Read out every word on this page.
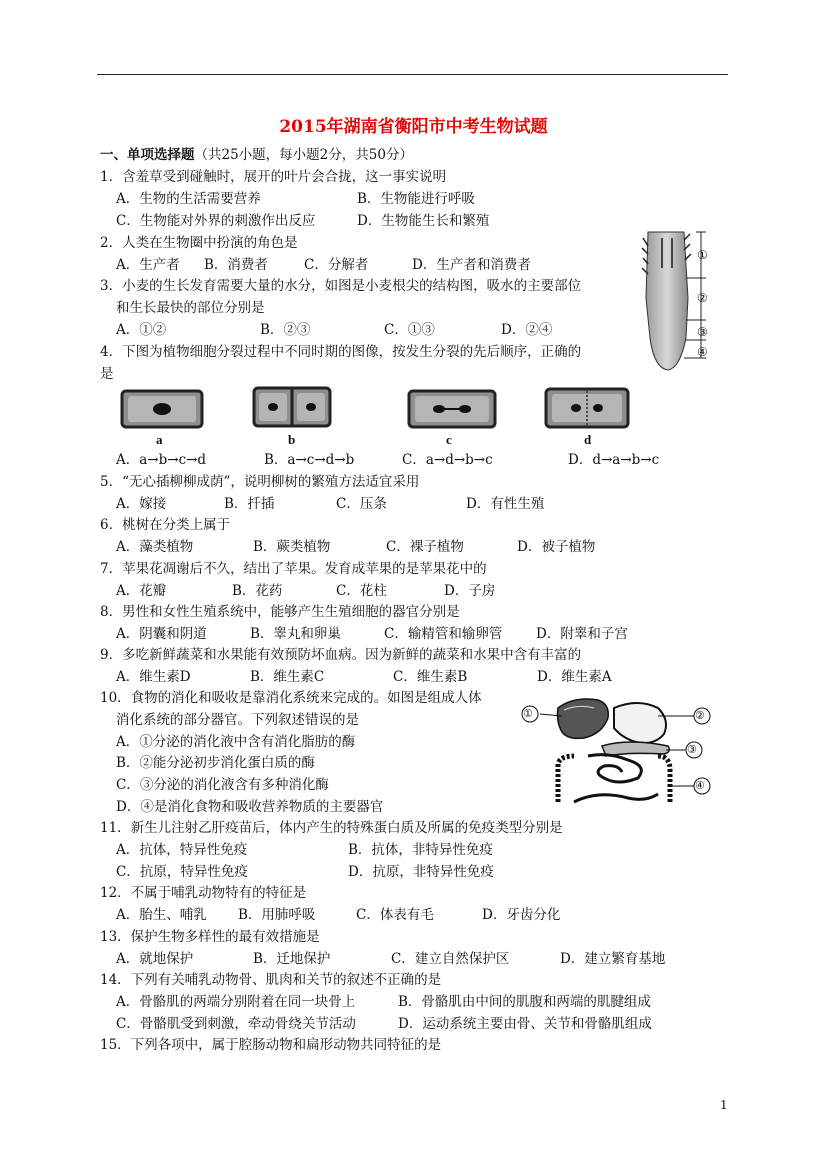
2015年湖南省衡阳市中考生物试题
一、单项选择题（共25小题，每小题2分，共50分）
1．含羞草受到碰触时，展开的叶片会合拢，这一事实说明
A．生物的生活需要营养	B．生物能进行呼吸
C．生物能对外界的刺激作出反应	D．生物能生长和繁殖
2．人类在生物圈中扮演的角色是
A．生产者 B．消费者	C．分解者	D．生产者和消费者
3．小麦的生长发育需要大量的水分，如图是小麦根尖的结构图，吸水的主要部位
和生长最快的部位分别是
A．①②	B．②③	C．①③	D．②④
①
②
③
④
4．下图为植物细胞分裂过程中不同时期的图像，按发生分裂的先后顺序，正确的
是
a	b	c	d
A．a→b→c→d	B．a→c→d→b	C．a→d→b→c	D．d→a→b→c
5．“无心插柳柳成荫”，说明柳树的繁殖方法适宜采用
A．嫁接	B．扦插	C．压条	D．有性生殖
6．桃树在分类上属于
A．藻类植物	B．蕨类植物	C．裸子植物	D．被子植物
7．苹果花凋谢后不久，结出了苹果。发育成苹果的是苹果花中的
A．花瓣	B．花药	C．花柱	D．子房
8．男性和女性生殖系统中，能够产生生殖细胞的器官分别是
A．阴囊和阴道	B．睾丸和卵巢	C．输精管和输卵管 D．附睾和子宫
9．多吃新鲜蔬菜和水果能有效预防坏血病。因为新鲜的蔬菜和水果中含有丰富的
A．维生素D	B．维生素C	C．维生素B	D．维生素A
10．食物的消化和吸收是靠消化系统来完成的。如图是组成人体
消化系统的部分器官。下列叙述错误的是
A．①分泌的消化液中含有消化脂肪的酶
B．②能分泌初步消化蛋白质的酶
C．③分泌的消化液含有多种消化酶
D．④是消化食物和吸收营养物质的主要器官
①	②
③
④
11．新生儿注射乙肝疫苗后，体内产生的特殊蛋白质及所属的免疫类型分别是
A．抗体，特异性免疫	B．抗体，非特异性免疫
C．抗原，特异性免疫	D．抗原，非特异性免疫
12．不属于哺乳动物特有的特征是
A．胎生、哺乳 B．用肺呼吸	C．体表有毛	D．牙齿分化
13．保护生物多样性的最有效措施是
A．就地保护	B．迁地保护	C．建立自然保护区	D．建立繁育基地
14．下列有关哺乳动物骨、肌肉和关节的叙述不正确的是
A．骨骼肌的两端分别附着在同一块骨上	B．骨骼肌由中间的肌腹和两端的肌腱组成
C．骨骼肌受到刺激，牵动骨绕关节活动	D．运动系统主要由骨、关节和骨骼肌组成
15．下列各项中，属于腔肠动物和扁形动物共同特征的是
1
